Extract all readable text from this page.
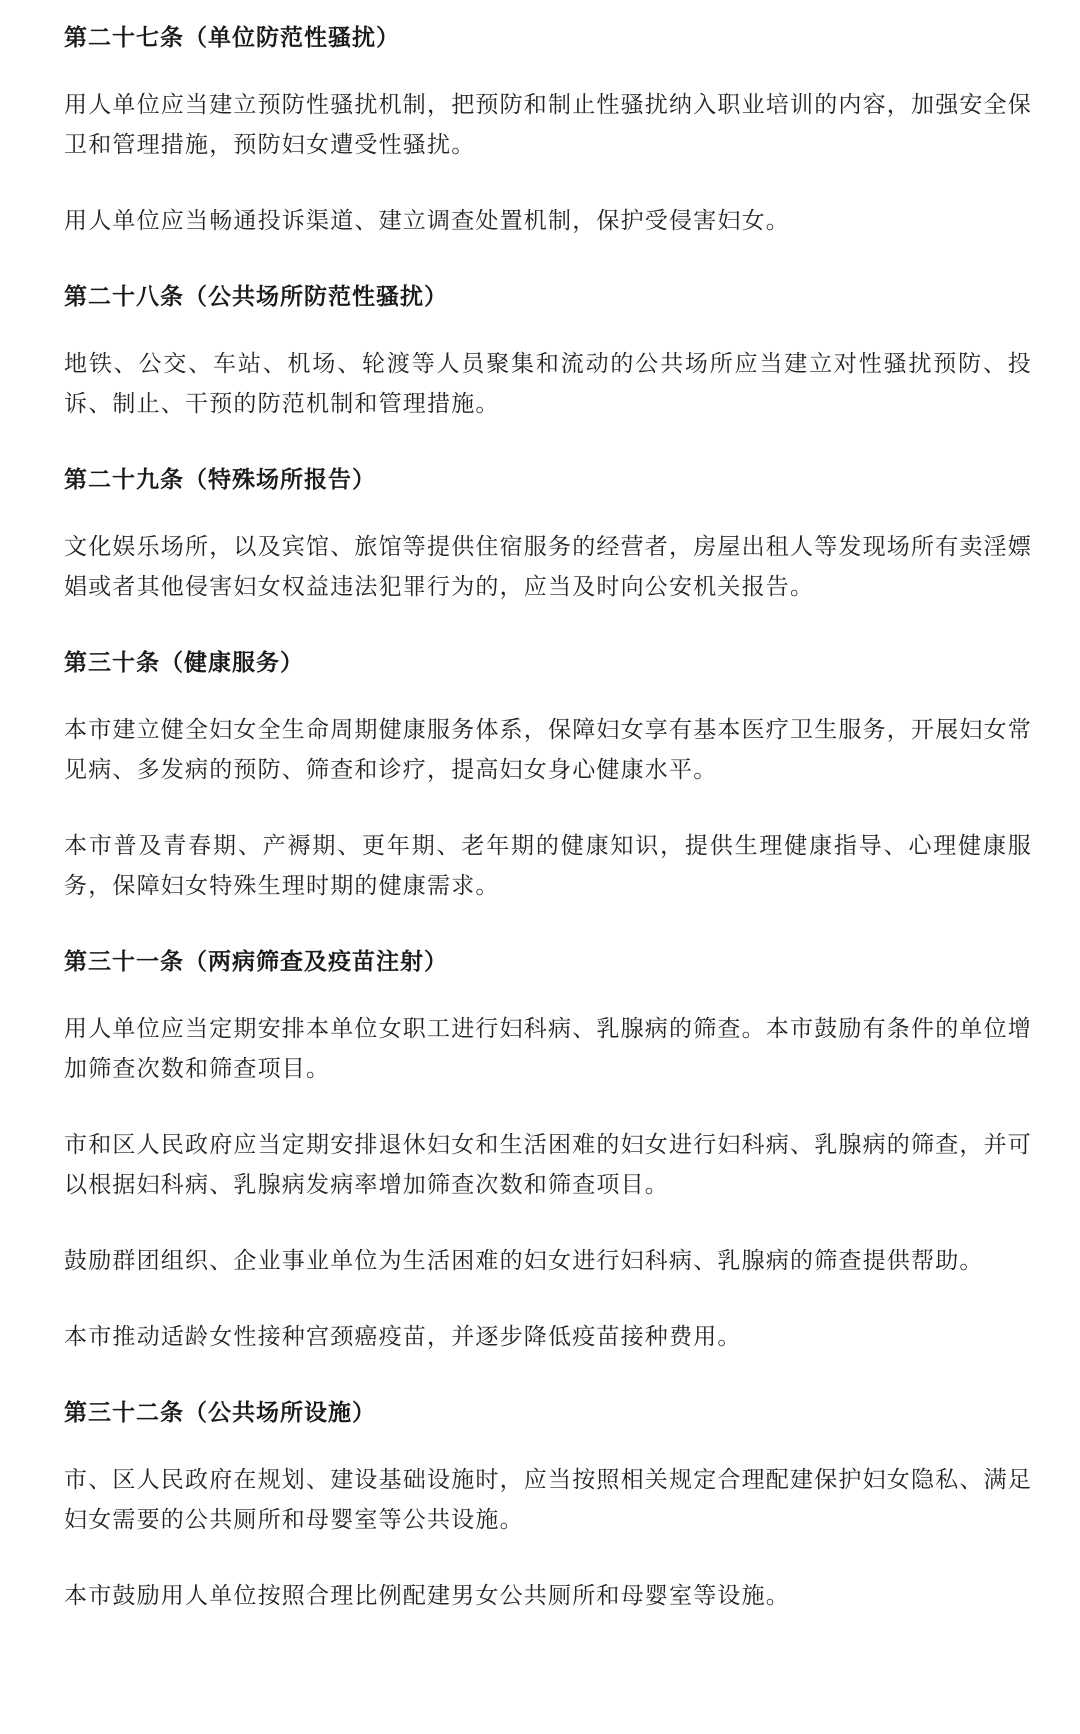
第二十七条（单位防范性骚扰）

用人单位应当建立预防性骚扰机制，把预防和制止性骚扰纳入职业培训的内容，加强安全保卫和管理措施，预防妇女遭受性骚扰。

用人单位应当畅通投诉渠道、建立调查处置机制，保护受侵害妇女。

第二十八条（公共场所防范性骚扰）

地铁、公交、车站、机场、轮渡等人员聚集和流动的公共场所应当建立对性骚扰预防、投诉、制止、干预的防范机制和管理措施。

第二十九条（特殊场所报告）

文化娱乐场所，以及宾馆、旅馆等提供住宿服务的经营者，房屋出租人等发现场所有卖淫嫖娼或者其他侵害妇女权益违法犯罪行为的，应当及时向公安机关报告。

第三十条（健康服务）

本市建立健全妇女全生命周期健康服务体系，保障妇女享有基本医疗卫生服务，开展妇女常见病、多发病的预防、筛查和诊疗，提高妇女身心健康水平。

本市普及青春期、产褥期、更年期、老年期的健康知识，提供生理健康指导、心理健康服务，保障妇女特殊生理时期的健康需求。

第三十一条（两病筛查及疫苗注射）

用人单位应当定期安排本单位女职工进行妇科病、乳腺病的筛查。本市鼓励有条件的单位增加筛查次数和筛查项目。

市和区人民政府应当定期安排退休妇女和生活困难的妇女进行妇科病、乳腺病的筛查，并可以根据妇科病、乳腺病发病率增加筛查次数和筛查项目。

鼓励群团组织、企业事业单位为生活困难的妇女进行妇科病、乳腺病的筛查提供帮助。

本市推动适龄女性接种宫颈癌疫苗，并逐步降低疫苗接种费用。

第三十二条（公共场所设施）

市、区人民政府在规划、建设基础设施时，应当按照相关规定合理配建保护妇女隐私、满足妇女需要的公共厕所和母婴室等公共设施。

本市鼓励用人单位按照合理比例配建男女公共厕所和母婴室等设施。
